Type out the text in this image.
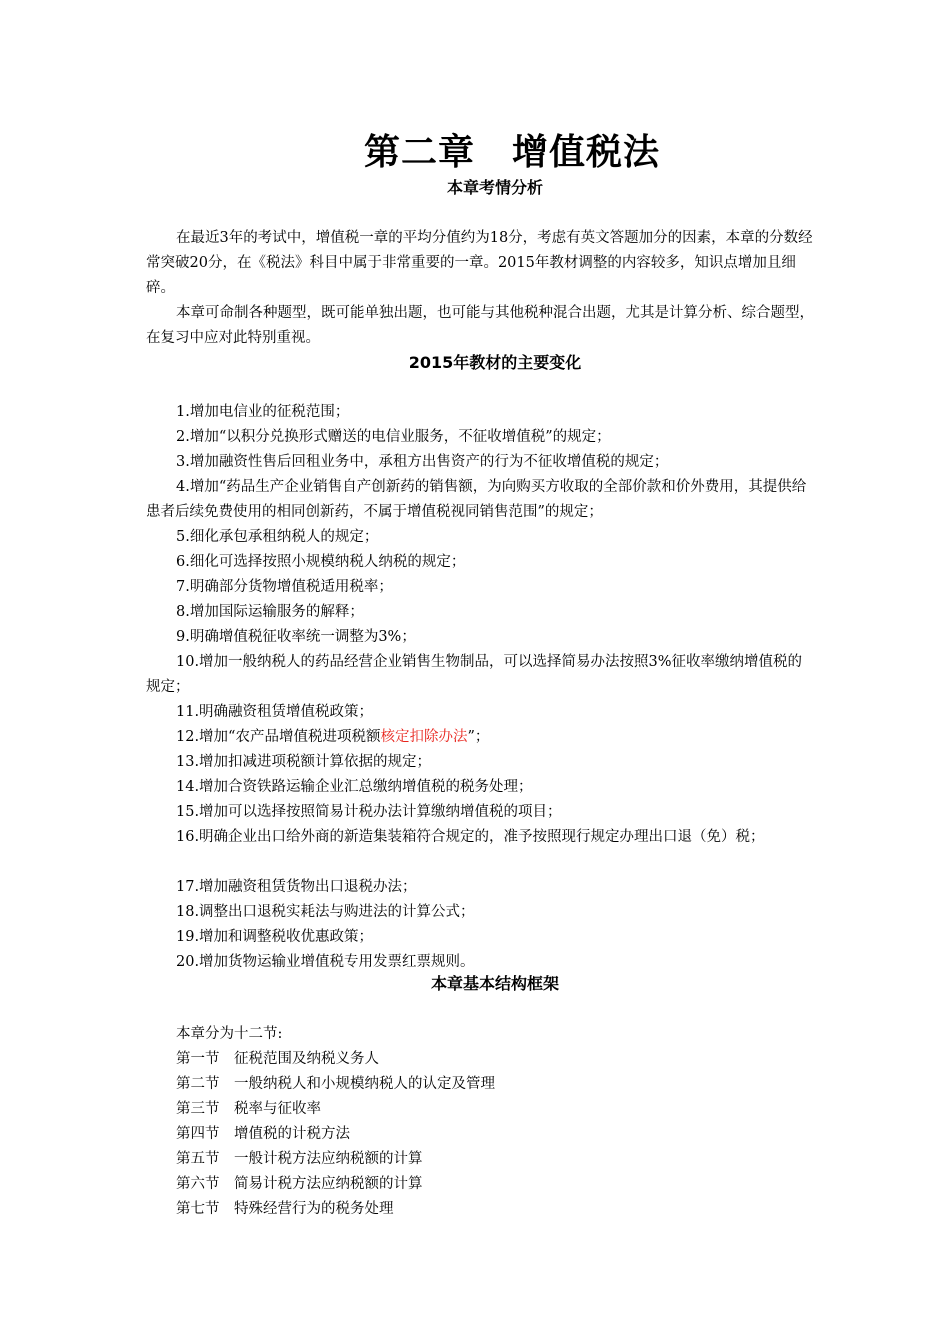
第二章　增值税法
本章考情分析

在最近3年的考试中，增值税一章的平均分值约为18分，考虑有英文答题加分的因素，本章的分数经常突破20分，在《税法》科目中属于非常重要的一章。2015年教材调整的内容较多，知识点增加且细碎。

本章可命制各种题型，既可能单独出题，也可能与其他税种混合出题，尤其是计算分析、综合题型，在复习中应对此特别重视。

2015年教材的主要变化

1.增加电信业的征税范围；

2.增加“以积分兑换形式赠送的电信业服务，不征收增值税”的规定；

3.增加融资性售后回租业务中，承租方出售资产的行为不征收增值税的规定；

4.增加“药品生产企业销售自产创新药的销售额，为向购买方收取的全部价款和价外费用，其提供给患者后续免费使用的相同创新药，不属于增值税视同销售范围”的规定；

5.细化承包承租纳税人的规定；

6.细化可选择按照小规模纳税人纳税的规定；

7.明确部分货物增值税适用税率；

8.增加国际运输服务的解释；

9.明确增值税征收率统一调整为3%；

10.增加一般纳税人的药品经营企业销售生物制品，可以选择简易办法按照3%征收率缴纳增值税的规定；

11.明确融资租赁增值税政策；

12.增加“农产品增值税进项税额核定扣除办法”；

13.增加扣减进项税额计算依据的规定；

14.增加合资铁路运输企业汇总缴纳增值税的税务处理；

15.增加可以选择按照简易计税办法计算缴纳增值税的项目；

16.明确企业出口给外商的新造集装箱符合规定的，准予按照现行规定办理出口退（免）税；

17.增加融资租赁货物出口退税办法；

18.调整出口退税实耗法与购进法的计算公式；

19.增加和调整税收优惠政策；

20.增加货物运输业增值税专用发票红票规则。

本章基本结构框架
本章分为十二节:
第一节　征税范围及纳税义务人
第二节　一般纳税人和小规模纳税人的认定及管理
第三节　税率与征收率
第四节　增值税的计税方法
第五节　一般计税方法应纳税额的计算
第六节　简易计税方法应纳税额的计算
第七节　特殊经营行为的税务处理
